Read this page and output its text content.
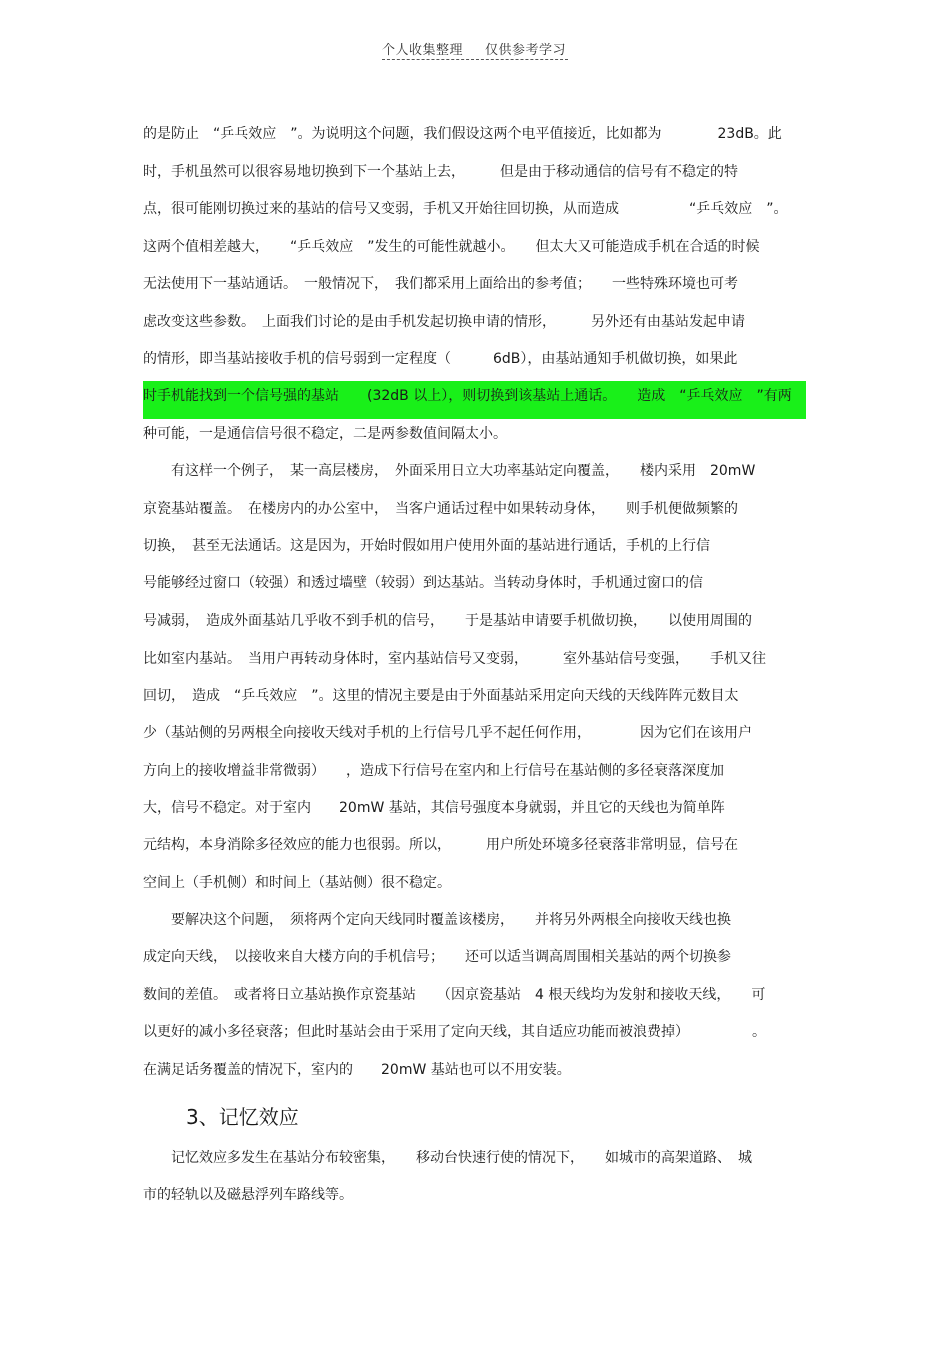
个人收集整理 仅供参考学习
的是防止　“乒乓效应　”。为说明这个问题，我们假设这两个电平值接近，比如都为　　　　23dB。此
时，手机虽然可以很容易地切换到下一个基站上去，　　　但是由于移动通信的信号有不稳定的特
点，很可能刚切换过来的基站的信号又变弱，手机又开始往回切换，从而造成　　　　　“乒乓效应　”。
这两个值相差越大，　　“乒乓效应　”发生的可能性就越小。　　但太大又可能造成手机在合适的时候
无法使用下一基站通话。　一般情况下，　我们都采用上面给出的参考值；　　一些特殊环境也可考
虑改变这些参数。　上面我们讨论的是由手机发起切换申请的情形，　　　另外还有由基站发起申请
的情形，即当基站接收手机的信号弱到一定程度（　　　6dB），由基站通知手机做切换，如果此
时手机能找到一个信号强的基站　　(32dB 以上），则切换到该基站上通话。　　造成　“乒乓效应　”有两
种可能，一是通信信号很不稳定，二是两参数值间隔太小。
　　有这样一个例子，　某一高层楼房，　外面采用日立大功率基站定向覆盖，　　楼内采用　20mW
京瓷基站覆盖。　在楼房内的办公室中，　当客户通话过程中如果转动身体，　　则手机便做频繁的
切换，　甚至无法通话。这是因为，开始时假如用户使用外面的基站进行通话，手机的上行信
号能够经过窗口（较强）和透过墙壁（较弱）到达基站。当转动身体时，手机通过窗口的信
号减弱，　造成外面基站几乎收不到手机的信号，　　于是基站申请要手机做切换，　　以使用周围的
比如室内基站。　当用户再转动身体时，室内基站信号又变弱，　　　室外基站信号变强，　　手机又往
回切，　造成　“乒乓效应　”。这里的情况主要是由于外面基站采用定向天线的天线阵阵元数目太
少（基站侧的另两根全向接收天线对手机的上行信号几乎不起任何作用，　　　　因为它们在该用户
方向上的接收增益非常微弱）　　，造成下行信号在室内和上行信号在基站侧的多径衰落深度加
大，信号不稳定。对于室内　　20mW 基站，其信号强度本身就弱，并且它的天线也为简单阵
元结构，本身消除多径效应的能力也很弱。所以，　　　用户所处环境多径衰落非常明显，信号在
空间上（手机侧）和时间上（基站侧）很不稳定。
　　要解决这个问题，　须将两个定向天线同时覆盖该楼房，　　并将另外两根全向接收天线也换
成定向天线，　以接收来自大楼方向的手机信号；　　还可以适当调高周围相关基站的两个切换参
数间的差值。　或者将日立基站换作京瓷基站　　（因京瓷基站　4 根天线均为发射和接收天线，　　可
以更好的减小多径衰落；但此时基站会由于采用了定向天线，其自适应功能而被浪费掉）　　　　　。
在满足话务覆盖的情况下，室内的　　20mW 基站也可以不用安装。
3、记忆效应
　　记忆效应多发生在基站分布较密集，　　移动台快速行使的情况下，　　如城市的高架道路、　城
市的轻轨以及磁悬浮列车路线等。
